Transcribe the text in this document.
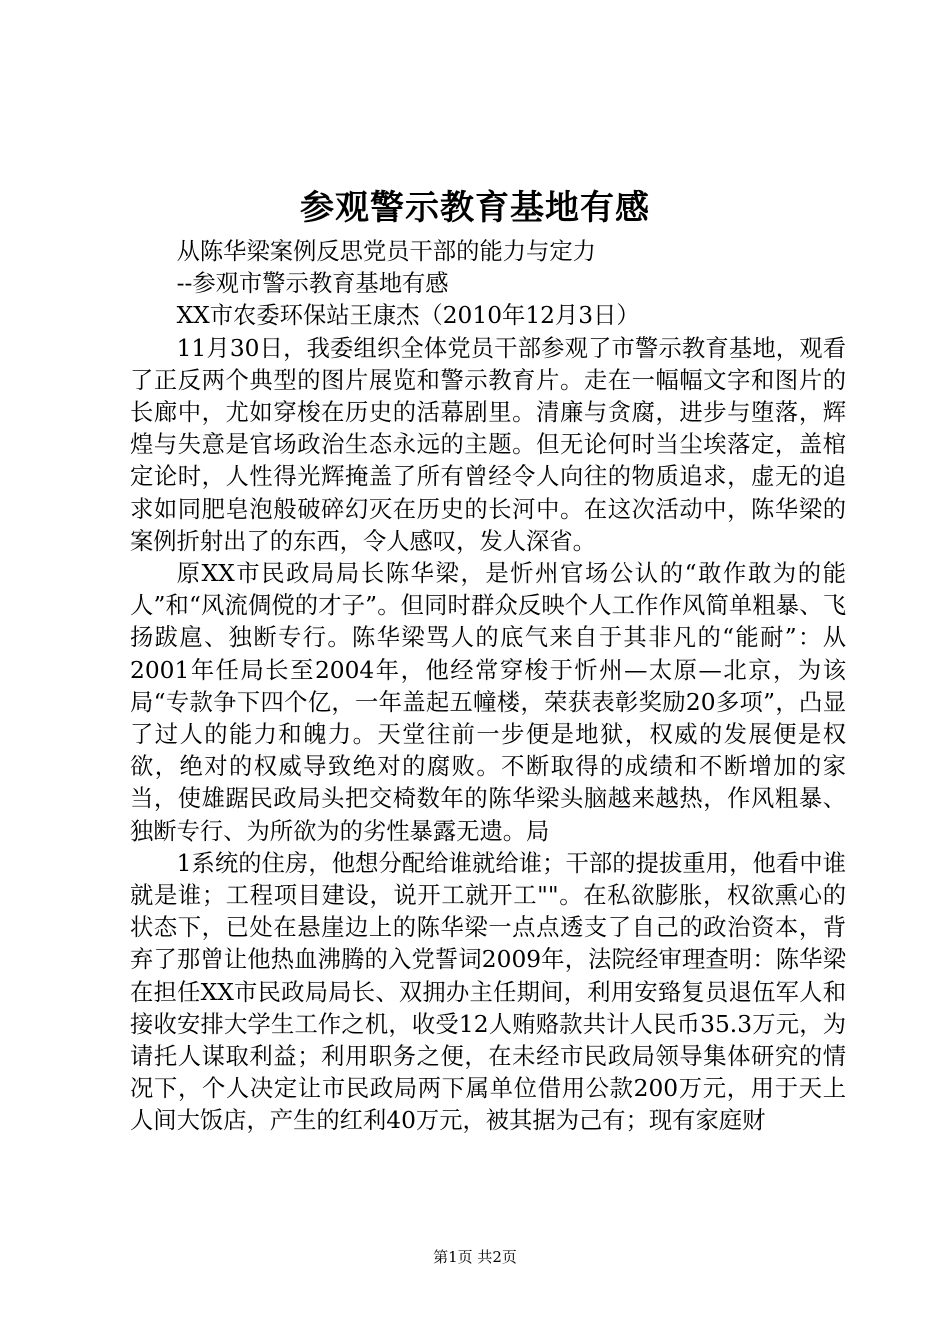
参观警示教育基地有感

从陈华梁案例反思党员干部的能力与定力

--参观市警示教育基地有感

XX市农委环保站王康杰（2010年12月3日）

11月30日，我委组织全体党员干部参观了市警示教育基地，观看了正反两个典型的图片展览和警示教育片。走在一幅幅文字和图片的长廊中，尤如穿梭在历史的活幕剧里。清廉与贪腐，进步与堕落，辉煌与失意是官场政治生态永远的主题。但无论何时当尘埃落定，盖棺定论时，人性得光辉掩盖了所有曾经令人向往的物质追求，虚无的追求如同肥皂泡般破碎幻灭在历史的长河中。在这次活动中，陈华梁的案例折射出了的东西，令人感叹，发人深省。

原XX市民政局局长陈华梁，是忻州官场公认的“敢作敢为的能人”和“风流倜傥的才子”。但同时群众反映个人工作作风简单粗暴、飞扬跋扈、独断专行。陈华梁骂人的底气来自于其非凡的“能耐”：从2001年任局长至2004年，他经常穿梭于忻州—太原—北京，为该局“专款争下四个亿，一年盖起五幢楼，荣获表彰奖励20多项”，凸显了过人的能力和魄力。天堂往前一步便是地狱，权威的发展便是权欲，绝对的权威导致绝对的腐败。不断取得的成绩和不断增加的家当，使雄踞民政局头把交椅数年的陈华梁头脑越来越热，作风粗暴、独断专行、为所欲为的劣性暴露无遗。局

1系统的住房，他想分配给谁就给谁；干部的提拔重用，他看中谁就是谁；工程项目建设，说开工就开工""。在私欲膨胀，权欲熏心的状态下，已处在悬崖边上的陈华梁一点点透支了自己的政治资本，背弃了那曾让他热血沸腾的入党誓词2009年，法院经审理查明：陈华梁在担任XX市民政局局长、双拥办主任期间，利用安臵复员退伍军人和接收安排大学生工作之机，收受12人贿赂款共计人民币35.3万元，为请托人谋取利益；利用职务之便，在未经市民政局领导集体研究的情况下，个人决定让市民政局两下属单位借用公款200万元，用于天上人间大饭店，产生的红利40万元，被其据为己有；现有家庭财

第1页 共2页
